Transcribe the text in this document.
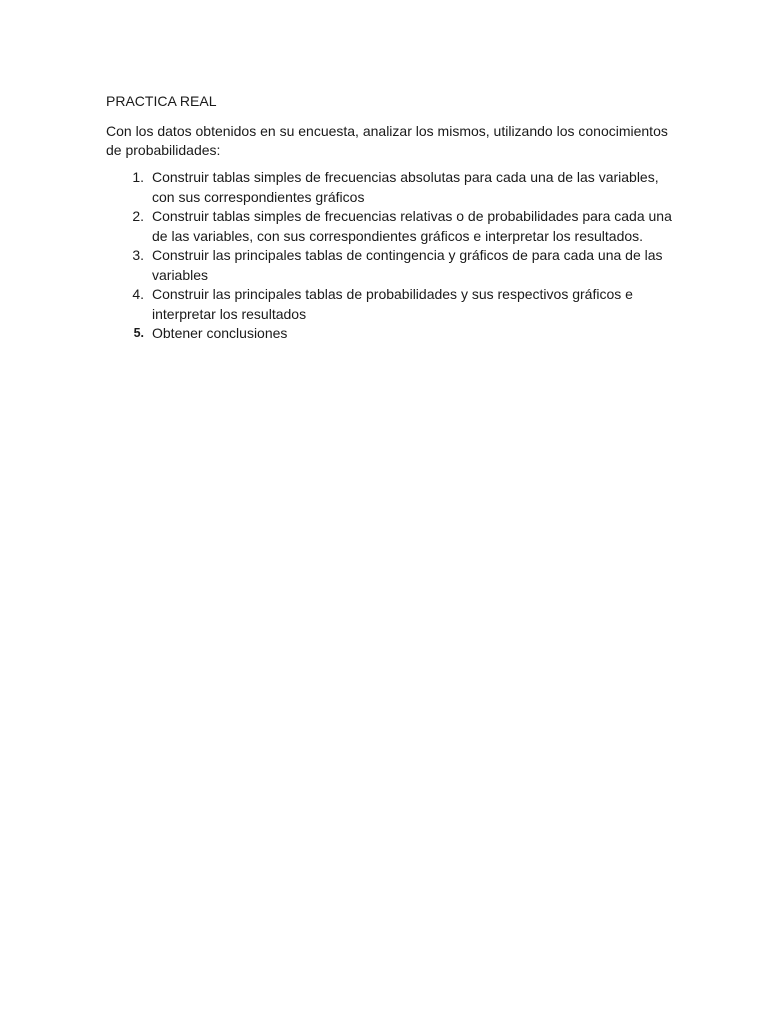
PRACTICA REAL

Con los datos obtenidos en su encuesta, analizar los mismos, utilizando los conocimientos de probabilidades:

1. Construir tablas simples de frecuencias absolutas para cada una de las variables, con sus correspondientes gráficos
2. Construir tablas simples de frecuencias relativas o de probabilidades para cada una de las variables, con sus correspondientes gráficos e interpretar los resultados.
3. Construir las principales tablas de contingencia y gráficos de para cada una de las variables
4. Construir las principales tablas de probabilidades y sus respectivos gráficos e interpretar los resultados
5. Obtener conclusiones
